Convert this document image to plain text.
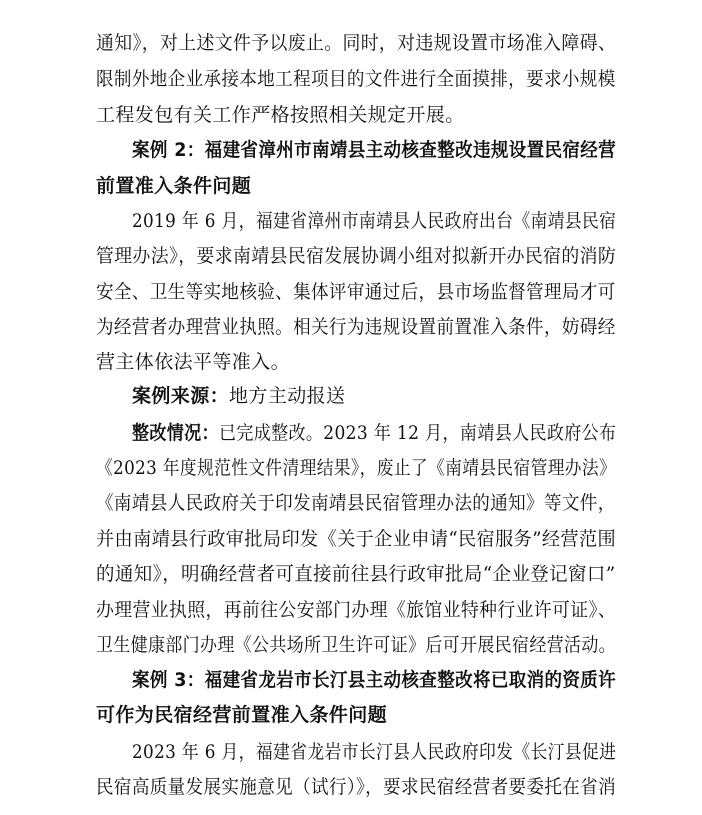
通知》，对上述文件予以废止。同时，对违规设置市场准入障碍、
限制外地企业承接本地工程项目的文件进行全面摸排，要求小规模
工程发包有关工作严格按照相关规定开展。
案例 2：福建省漳州市南靖县主动核查整改违规设置民宿经营
前置准入条件问题
2019 年 6 月，福建省漳州市南靖县人民政府出台《南靖县民宿
管理办法》，要求南靖县民宿发展协调小组对拟新开办民宿的消防
安全、卫生等实地核验、集体评审通过后，县市场监督管理局才可
为经营者办理营业执照。相关行为违规设置前置准入条件，妨碍经
营主体依法平等准入。
案例来源：地方主动报送
整改情况：已完成整改。2023 年 12 月，南靖县人民政府公布
《2023 年度规范性文件清理结果》，废止了《南靖县民宿管理办法》
《南靖县人民政府关于印发南靖县民宿管理办法的通知》等文件，
并由南靖县行政审批局印发《关于企业申请“民宿服务”经营范围
的通知》，明确经营者可直接前往县行政审批局“企业登记窗口”
办理营业执照，再前往公安部门办理《旅馆业特种行业许可证》、
卫生健康部门办理《公共场所卫生许可证》后可开展民宿经营活动。
案例 3：福建省龙岩市长汀县主动核查整改将已取消的资质许
可作为民宿经营前置准入条件问题
2023 年 6 月，福建省龙岩市长汀县人民政府印发《长汀县促进
民宿高质量发展实施意见（试行）》，要求民宿经营者要委托在省消
